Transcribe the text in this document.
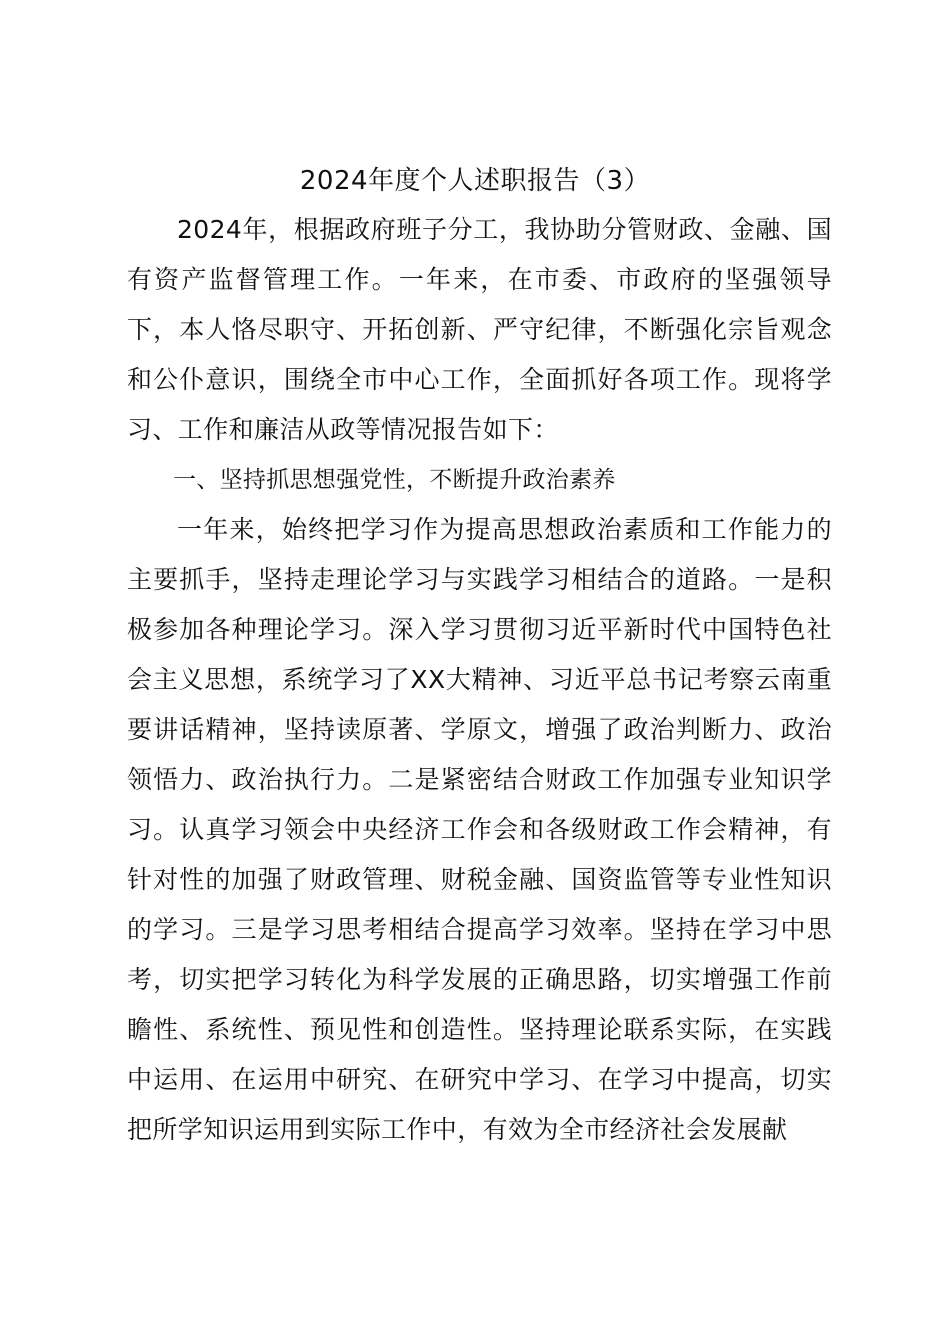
2024年度个人述职报告（3）

2024年，根据政府班子分工，我协助分管财政、金融、国有资产监督管理工作。一年来，在市委、市政府的坚强领导下，本人恪尽职守、开拓创新、严守纪律，不断强化宗旨观念和公仆意识，围绕全市中心工作，全面抓好各项工作。现将学习、工作和廉洁从政等情况报告如下：

一、坚持抓思想强党性，不断提升政治素养

一年来，始终把学习作为提高思想政治素质和工作能力的主要抓手，坚持走理论学习与实践学习相结合的道路。一是积极参加各种理论学习。深入学习贯彻习近平新时代中国特色社会主义思想，系统学习了XX大精神、习近平总书记考察云南重要讲话精神，坚持读原著、学原文，增强了政治判断力、政治领悟力、政治执行力。二是紧密结合财政工作加强专业知识学习。认真学习领会中央经济工作会和各级财政工作会精神，有针对性的加强了财政管理、财税金融、国资监管等专业性知识的学习。三是学习思考相结合提高学习效率。坚持在学习中思考，切实把学习转化为科学发展的正确思路，切实增强工作前瞻性、系统性、预见性和创造性。坚持理论联系实际，在实践中运用、在运用中研究、在研究中学习、在学习中提高，切实把所学知识运用到实际工作中，有效为全市经济社会发展献
